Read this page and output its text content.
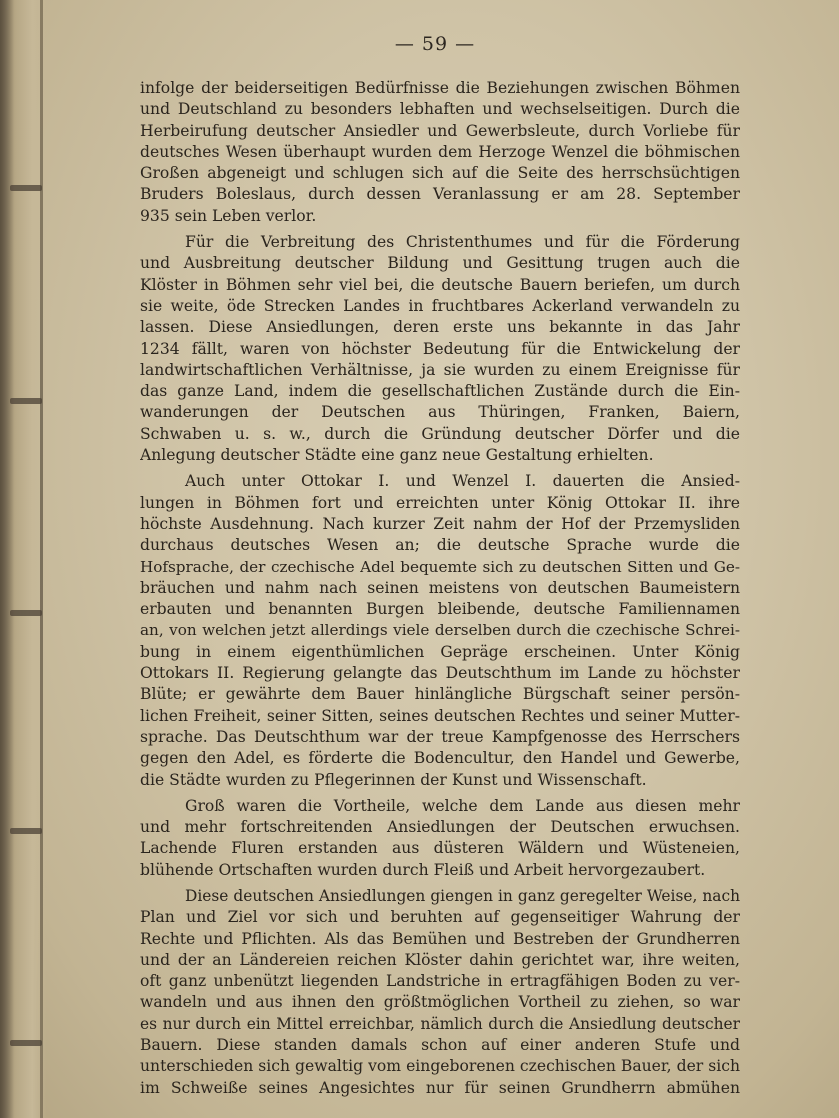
— 59 —
infolge der beiderseitigen Bedürfnisse die Beziehungen zwischen Böhmen
und Deutschland zu besonders lebhaften und wechselseitigen. Durch die
Herbeirufung deutscher Ansiedler und Gewerbsleute, durch Vorliebe für
deutsches Wesen überhaupt wurden dem Herzoge Wenzel die böhmischen
Großen abgeneigt und schlugen sich auf die Seite des herrschsüchtigen
Bruders Boleslaus, durch dessen Veranlassung er am 28. September
935 sein Leben verlor.
Für die Verbreitung des Christenthumes und für die Förderung
und Ausbreitung deutscher Bildung und Gesittung trugen auch die
Klöster in Böhmen sehr viel bei, die deutsche Bauern beriefen, um durch
sie weite, öde Strecken Landes in fruchtbares Ackerland verwandeln zu
lassen. Diese Ansiedlungen, deren erste uns bekannte in das Jahr
1234 fällt, waren von höchster Bedeutung für die Entwickelung der
landwirtschaftlichen Verhältnisse, ja sie wurden zu einem Ereignisse für
das ganze Land, indem die gesellschaftlichen Zustände durch die Ein-
wanderungen der Deutschen aus Thüringen, Franken, Baiern,
Schwaben u. s. w., durch die Gründung deutscher Dörfer und die
Anlegung deutscher Städte eine ganz neue Gestaltung erhielten.
Auch unter Ottokar I. und Wenzel I. dauerten die Ansied-
lungen in Böhmen fort und erreichten unter König Ottokar II. ihre
höchste Ausdehnung. Nach kurzer Zeit nahm der Hof der Przemysliden
durchaus deutsches Wesen an; die deutsche Sprache wurde die
Hofsprache, der czechische Adel bequemte sich zu deutschen Sitten und Ge-
bräuchen und nahm nach seinen meistens von deutschen Baumeistern
erbauten und benannten Burgen bleibende, deutsche Familiennamen
an, von welchen jetzt allerdings viele derselben durch die czechische Schrei-
bung in einem eigenthümlichen Gepräge erscheinen. Unter König
Ottokars II. Regierung gelangte das Deutschthum im Lande zu höchster
Blüte; er gewährte dem Bauer hinlängliche Bürgschaft seiner persön-
lichen Freiheit, seiner Sitten, seines deutschen Rechtes und seiner Mutter-
sprache. Das Deutschthum war der treue Kampfgenosse des Herrschers
gegen den Adel, es förderte die Bodencultur, den Handel und Gewerbe,
die Städte wurden zu Pflegerinnen der Kunst und Wissenschaft.
Groß waren die Vortheile, welche dem Lande aus diesen mehr
und mehr fortschreitenden Ansiedlungen der Deutschen erwuchsen.
Lachende Fluren erstanden aus düsteren Wäldern und Wüsteneien,
blühende Ortschaften wurden durch Fleiß und Arbeit hervorgezaubert.
Diese deutschen Ansiedlungen giengen in ganz geregelter Weise, nach
Plan und Ziel vor sich und beruhten auf gegenseitiger Wahrung der
Rechte und Pflichten. Als das Bemühen und Bestreben der Grundherren
und der an Ländereien reichen Klöster dahin gerichtet war, ihre weiten,
oft ganz unbenützt liegenden Landstriche in ertragfähigen Boden zu ver-
wandeln und aus ihnen den größtmöglichen Vortheil zu ziehen, so war
es nur durch ein Mittel erreichbar, nämlich durch die Ansiedlung deutscher
Bauern. Diese standen damals schon auf einer anderen Stufe und
unterschieden sich gewaltig vom eingeborenen czechischen Bauer, der sich
im Schweiße seines Angesichtes nur für seinen Grundherrn abmühen
